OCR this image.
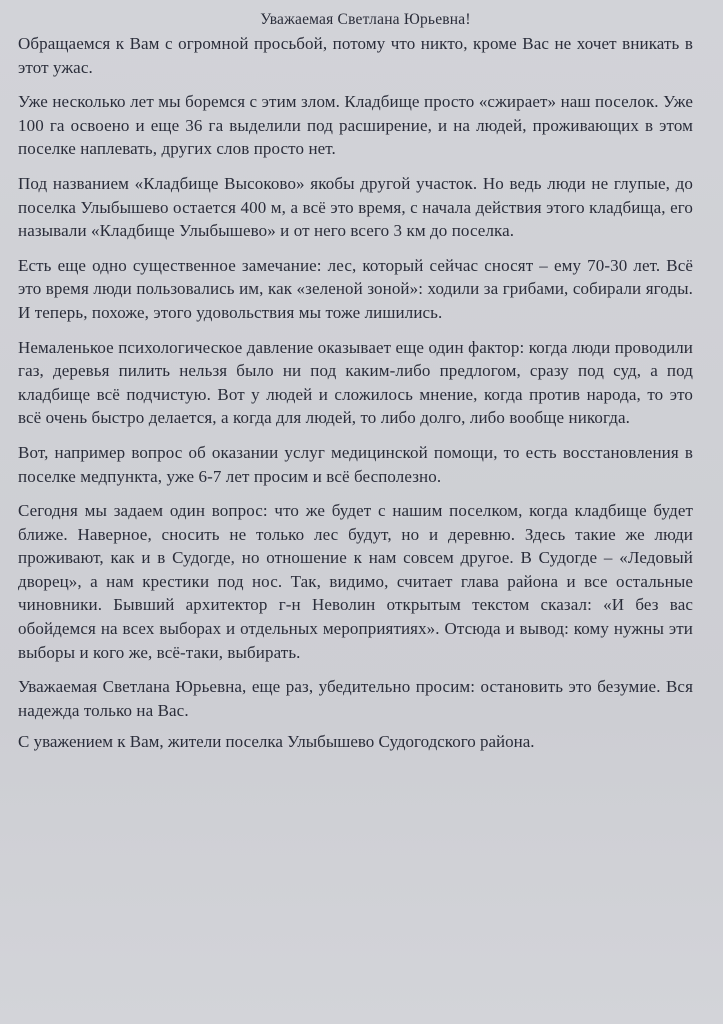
Уважаемая Светлана Юрьевна!

Обращаемся к Вам с огромной просьбой, потому что никто, кроме Вас не хочет вникать в этот ужас.

Уже несколько лет мы боремся с этим злом. Кладбище просто «сжирает» наш поселок. Уже 100 га освоено и еще 36 га выделили под расширение, и на людей, проживающих в этом поселке наплевать, других слов просто нет.

Под названием «Кладбище Высоково» якобы другой участок. Но ведь люди не глупые, до поселка Улыбышево остается 400 м, а всё это время, с начала действия этого кладбища, его называли «Кладбище Улыбышево» и от него всего 3 км до поселка.

Есть еще одно существенное замечание: лес, который сейчас сносят – ему 70-30 лет. Всё это время люди пользовались им, как «зеленой зоной»: ходили за грибами, собирали ягоды. И теперь, похоже, этого удовольствия мы тоже лишились.

Немаленькое психологическое давление оказывает еще один фактор: когда люди проводили газ, деревья пилить нельзя было ни под каким-либо предлогом, сразу под суд, а под кладбище всё подчистую. Вот у людей и сложилось мнение, когда против народа, то это всё очень быстро делается, а когда для людей, то либо долго, либо вообще никогда.

Вот, например вопрос об оказании услуг медицинской помощи, то есть восстановления в поселке медпункта, уже 6-7 лет просим и всё бесполезно.

Сегодня мы задаем один вопрос: что же будет с нашим поселком, когда кладбище будет ближе. Наверное, сносить не только лес будут, но и деревню. Здесь такие же люди проживают, как и в Судогде, но отношение к нам совсем другое. В Судогде – «Ледовый дворец», а нам крестики под нос. Так, видимо, считает глава района и все остальные чиновники. Бывший архитектор г-н Неволин открытым текстом сказал: «И без вас обойдемся на всех выборах и отдельных мероприятиях». Отсюда и вывод: кому нужны эти выборы и кого же, всё-таки, выбирать.

Уважаемая Светлана Юрьевна, еще раз, убедительно просим: остановить это безумие. Вся надежда только на Вас.

С уважением к Вам, жители поселка Улыбышево Судогодского района.
